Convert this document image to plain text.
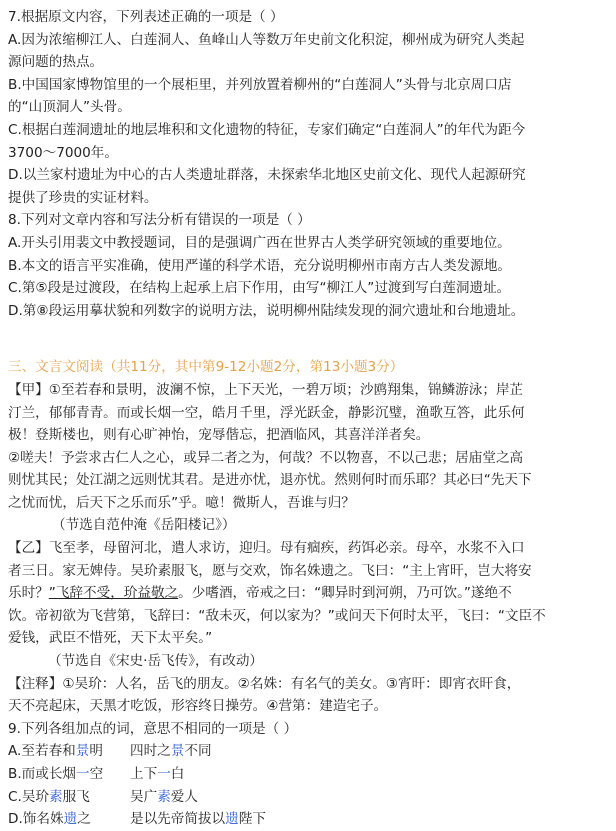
7.根据原文内容，下列表述正确的一项是（ ）
A.因为浓缩柳江人、白莲洞人、鱼峰山人等数万年史前文化积淀，柳州成为研究人类起
源问题的热点。
B.中国国家博物馆里的一个展柜里，并列放置着柳州的“白莲洞人”头骨与北京周口店
的“山顶洞人”头骨。
C.根据白莲洞遗址的地层堆积和文化遗物的特征，专家们确定“白莲洞人”的年代为距今
3700～7000年。
D.以兰家村遗址为中心的古人类遗址群落，未探索华北地区史前文化、现代人起源研究
提供了珍贵的实证材料。
8.下列对文章内容和写法分析有错误的一项是（ ）
A.开头引用裴文中教授题词，目的是强调广西在世界古人类学研究领域的重要地位。
B.本文的语言平实准确，使用严谨的科学术语，充分说明柳州市南方古人类发源地。
C.第⑤段是过渡段，在结构上起承上启下作用，由写“柳江人”过渡到写白莲洞遗址。
D.第⑧段运用摹状貌和列数字的说明方法，说明柳州陆续发现的洞穴遗址和台地遗址。
三、文言文阅读（共11分，其中第9-12小题2分，第13小题3分）
【甲】①至若春和景明，波澜不惊，上下天光，一碧万顷；沙鸥翔集，锦鳞游泳；岸芷
汀兰，郁郁青青。而或长烟一空，皓月千里，浮光跃金，静影沉璧，渔歌互答，此乐何
极！登斯楼也，则有心旷神怡，宠辱偕忘，把酒临风，其喜洋洋者矣。
②嗟夫！予尝求古仁人之心，或异二者之为，何哉？不以物喜，不以己悲；居庙堂之高
则忧其民；处江湖之远则忧其君。是进亦忧，退亦忧。然则何时而乐耶？其必曰“先天下
之忧而忧，后天下之乐而乐”乎。噫！微斯人，吾谁与归？
（节选自范仲淹《岳阳楼记》）
【乙】飞至孝，母留河北，遣人求访，迎归。母有痼疾，药饵必亲。母卒，水浆不入口
者三日。家无婢侍。吴玠素服飞，愿与交欢，饰名姝遗之。飞曰：“主上宵旰，岂大将安
乐时？”飞辞不受，玠益敬之。少嗜酒，帝戒之曰：“卿异时到河朔，乃可饮。”遂绝不
饮。帝初欲为飞营第，飞辞曰：“敌未灭，何以家为？”或问天下何时太平，飞曰：“文臣不
爱钱，武臣不惜死，天下太平矣。”
（节选自《宋史·岳飞传》，有改动）
【注释】①吴玠：人名，岳飞的朋友。②名姝：有名气的美女。③宵旰：即宵衣旰食，
天不亮起床，天黑才吃饭，形容终日操劳。④营第：建造宅子。
9.下列各组加点的词，意思不相同的一项是（ ）
A.至若春和景明 四时之景不同
B.而或长烟一空 上下一白
C.吴玠素服飞	吴广素爱人
D.饰名姝遗之	是以先帝简拔以遗陛下
